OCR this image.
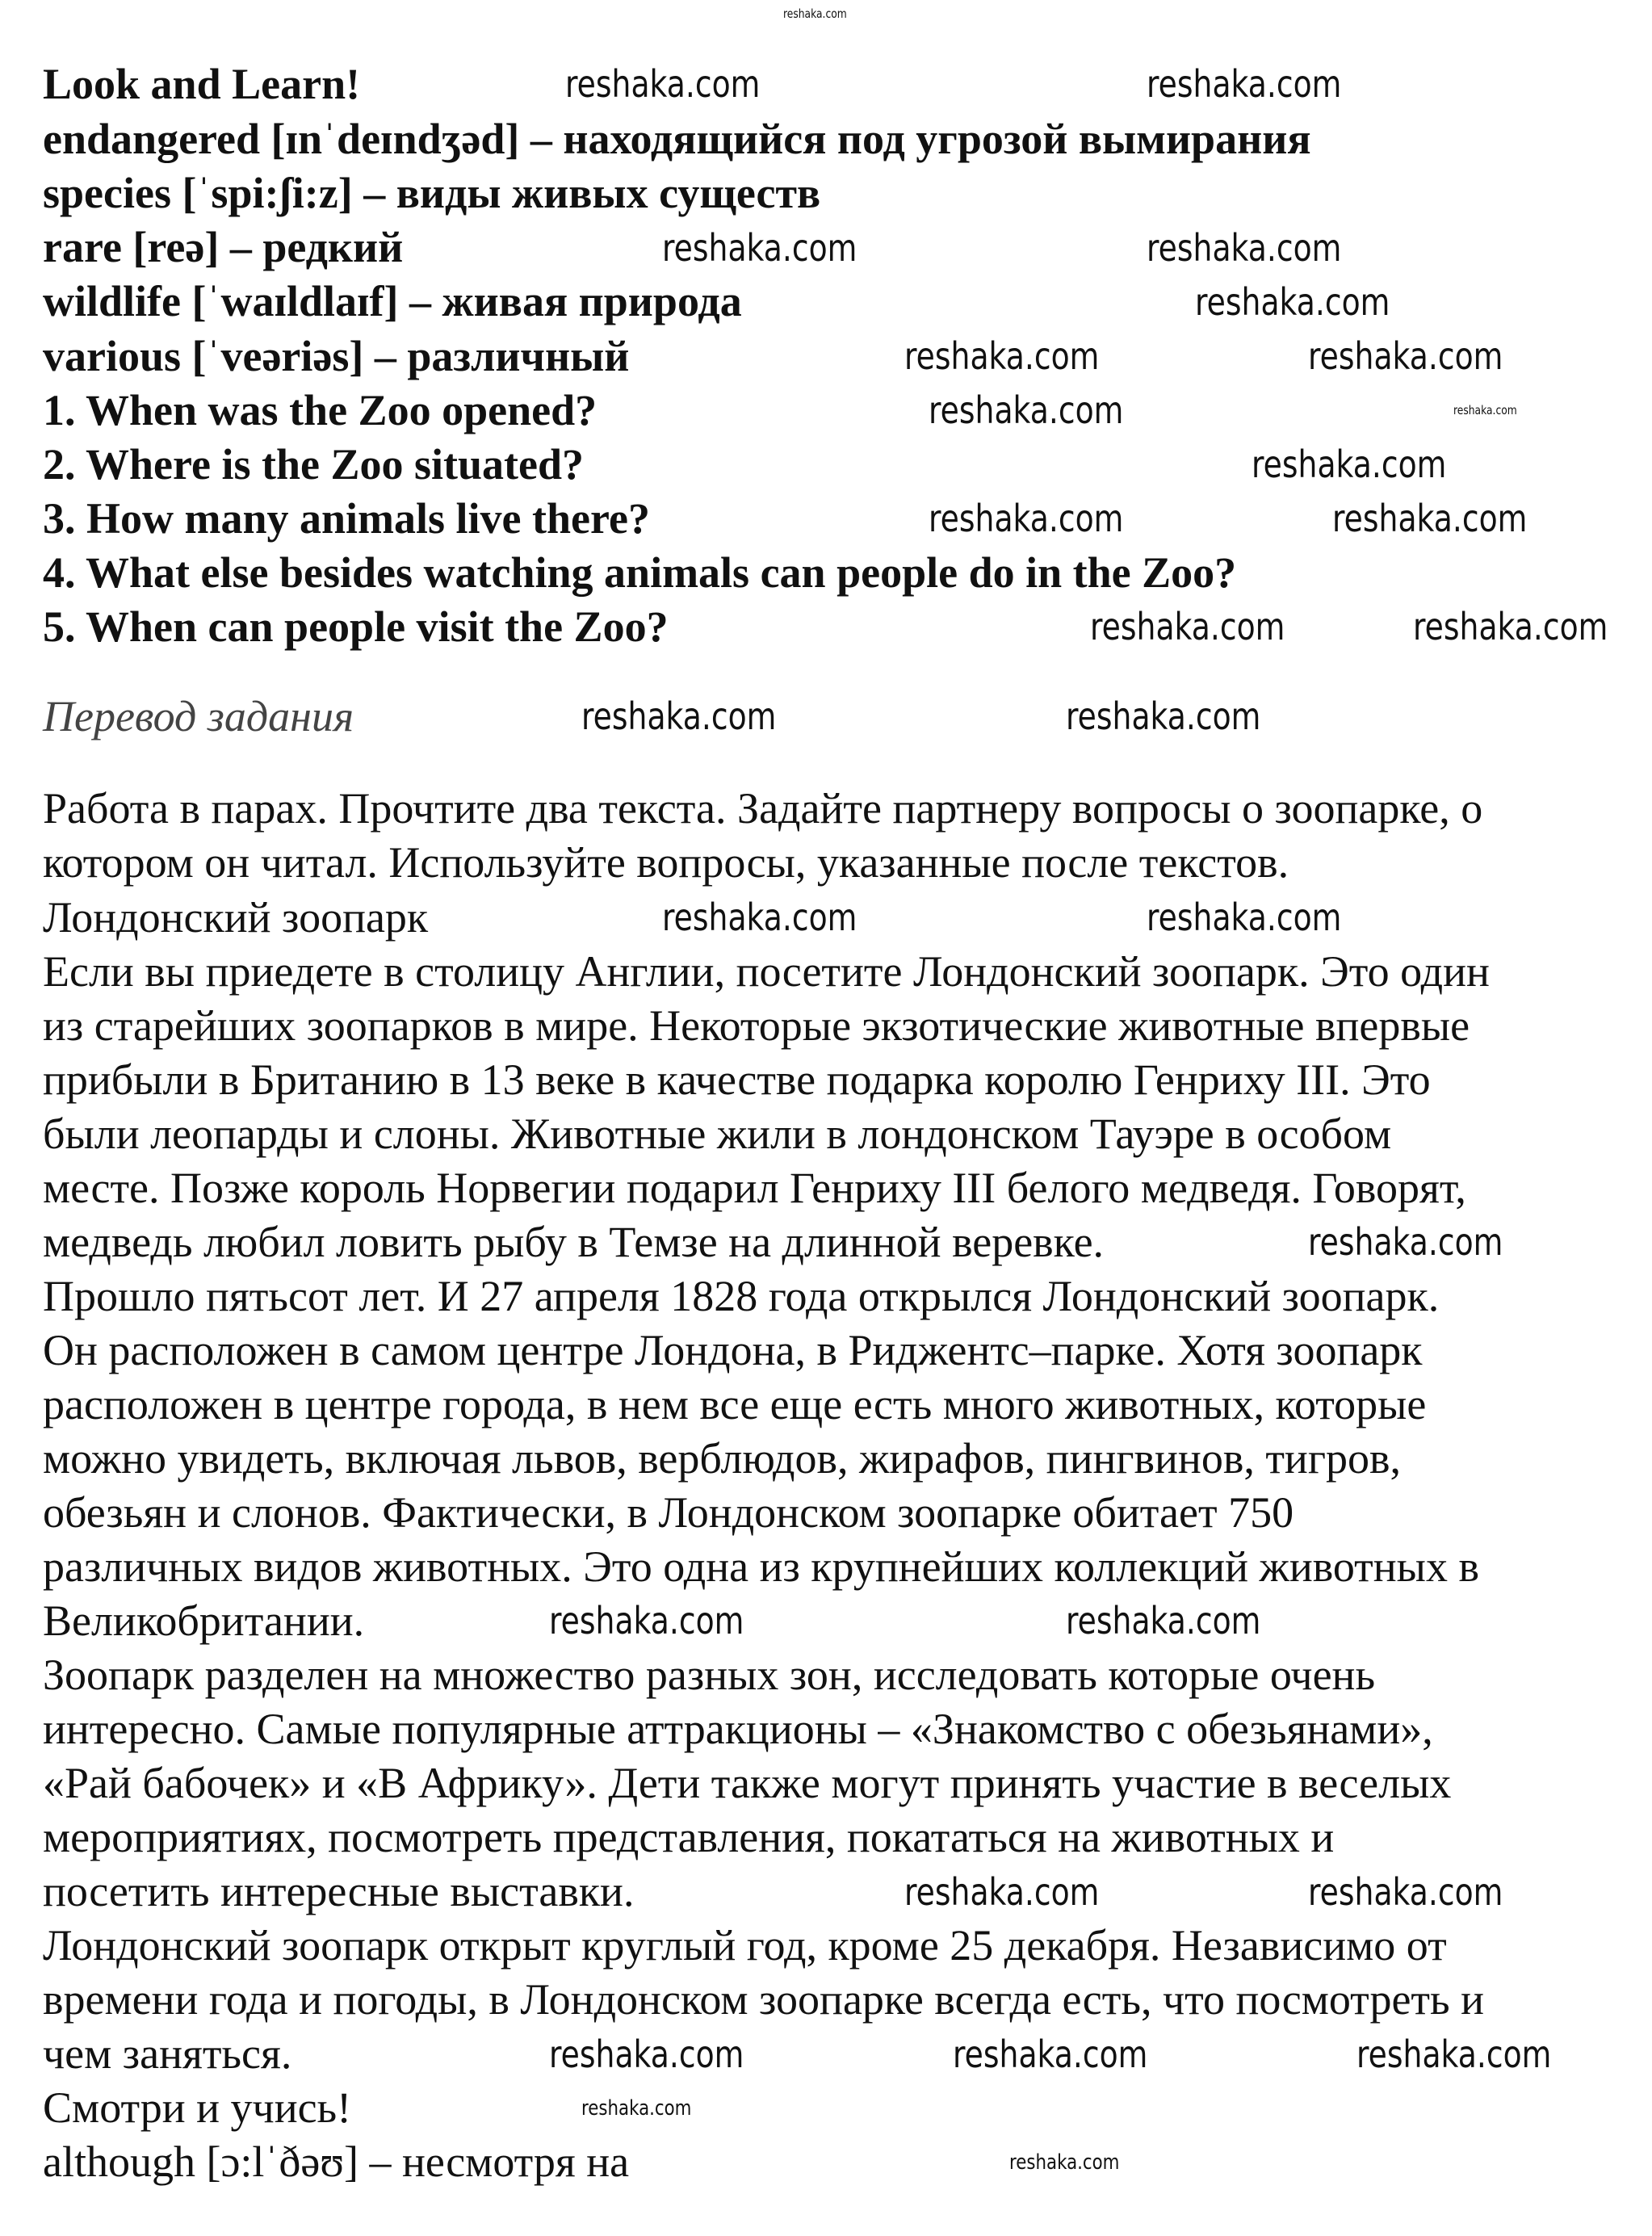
Look and Learn!
endangered [ɪnˈdeɪndʒəd] – находящийся под угрозой вымирания
species [ˈspi:ʃi:z] – виды живых существ
rare [reə] – редкий
wildlife [ˈwaɪldlaɪf] – живая природа
various [ˈveəriəs] – различный
1. When was the Zoo opened?
2. Where is the Zoo situated?
3. How many animals live there?
4. What else besides watching animals can people do in the Zoo?
5. When can people visit the Zoo?
Перевод задания
Работа в парах. Прочтите два текста. Задайте партнеру вопросы о зоопарке, о
котором он читал. Используйте вопросы, указанные после текстов.
Лондонский зоопарк
Если вы приедете в столицу Англии, посетите Лондонский зоопарк. Это один
из старейших зоопарков в мире. Некоторые экзотические животные впервые
прибыли в Британию в 13 веке в качестве подарка королю Генриху III. Это
были леопарды и слоны. Животные жили в лондонском Тауэре в особом
месте. Позже король Норвегии подарил Генриху III белого медведя. Говорят,
медведь любил ловить рыбу в Темзе на длинной веревке.
Прошло пятьсот лет. И 27 апреля 1828 года открылся Лондонский зоопарк.
Он расположен в самом центре Лондона, в Риджентс–парке. Хотя зоопарк
расположен в центре города, в нем все еще есть много животных, которые
можно увидеть, включая львов, верблюдов, жирафов, пингвинов, тигров,
обезьян и слонов. Фактически, в Лондонском зоопарке обитает 750
различных видов животных. Это одна из крупнейших коллекций животных в
Великобритании.
Зоопарк разделен на множество разных зон, исследовать которые очень
интересно. Самые популярные аттракционы – «Знакомство с обезьянами»,
«Рай бабочек» и «В Африку». Дети также могут принять участие в веселых
мероприятиях, посмотреть представления, покататься на животных и
посетить интересные выставки.
Лондонский зоопарк открыт круглый год, кроме 25 декабря. Независимо от
времени года и погоды, в Лондонском зоопарке всегда есть, что посмотреть и
чем заняться.
Смотри и учись!
although [ɔ:lˈðəʊ] – несмотря на
reshaka.com
reshaka.com	reshaka.com
reshaka.com	reshaka.com
reshaka.com
reshaka.com	reshaka.com
reshaka.com	reshaka.com
reshaka.com
reshaka.com	reshaka.com
reshaka.com	reshaka.com
reshaka.com	reshaka.com
reshaka.com	reshaka.com
reshaka.com
reshaka.com	reshaka.com
reshaka.com	reshaka.com
reshaka.com	reshaka.com	reshaka.com
reshaka.com
reshaka.com
